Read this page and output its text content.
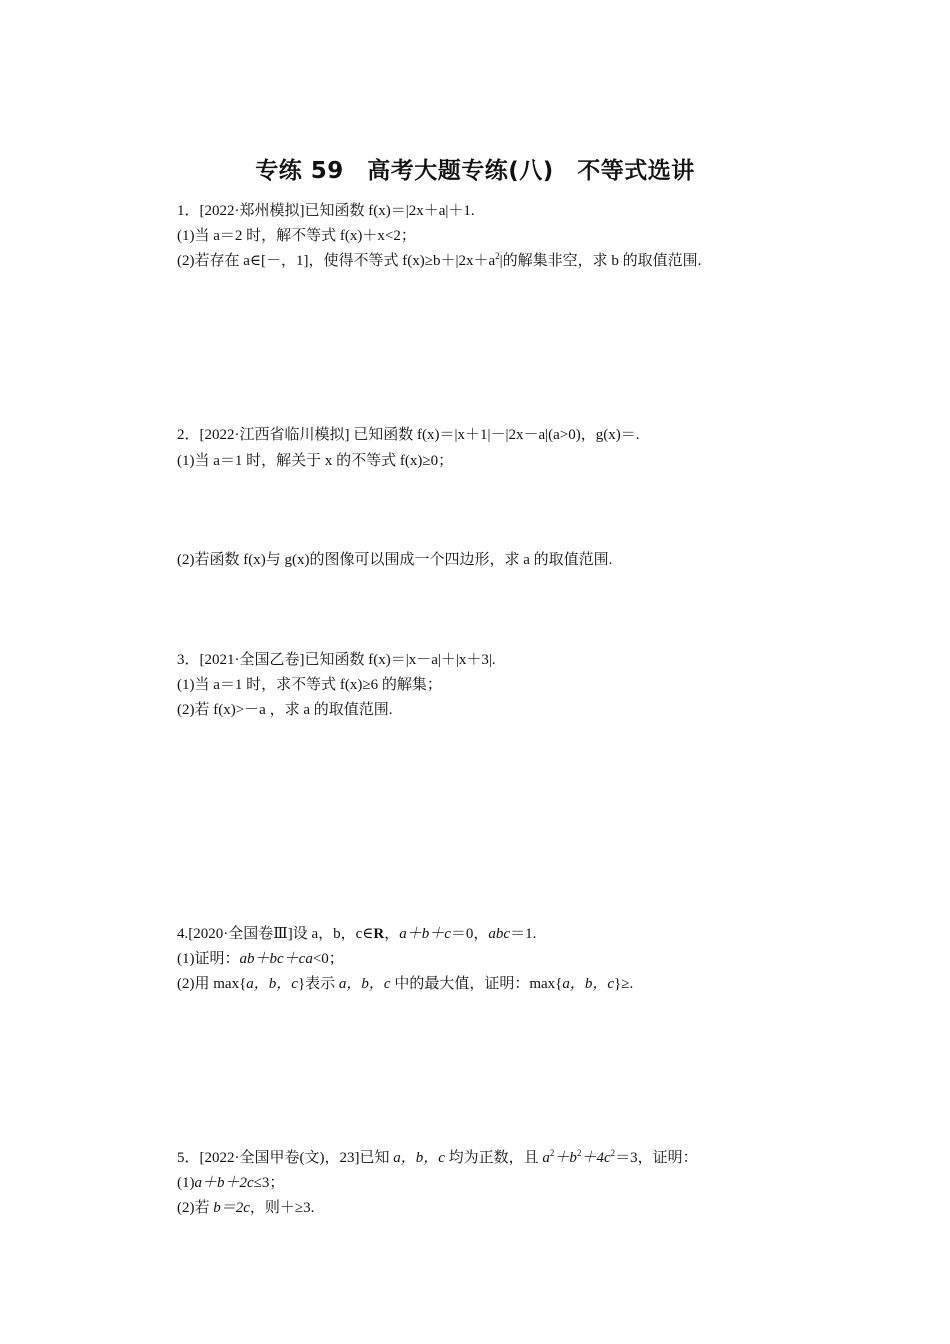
专练 59　高考大题专练(八)　不等式选讲
1．[2022·郑州模拟]已知函数 f(x)＝|2x＋a|＋1.
(1)当 a＝2 时，解不等式 f(x)＋x<2；
(2)若存在 a∈[－，1]，使得不等式 $f(x)\ge b+|2x+a^2|$的解集非空，求 b 的取值范围.
2．[2022·江西省临川模拟] 已知函数 f(x)＝|x＋1|－|2x－a|(a>0)，g(x)＝.
(1)当 a＝1 时，解关于 x 的不等式 f(x)≥0；
(2)若函数 f(x)与 g(x)的图像可以围成一个四边形，求 a 的取值范围.
3．[2021·全国乙卷]已知函数 f(x)＝|x－a|＋|x＋3|.
(1)当 a＝1 时，求不等式 f(x)≥6 的解集；
(2)若 f(x)>－a ，求 a 的取值范围.
4.[2020·全国卷Ⅲ]设 a，b，c∈R，a＋b＋c＝0，abc＝1.
(1)证明：ab＋bc＋ca<0；
(2)用 max{a，b，c}表示 a，b，c 中的最大值，证明：max{a，b，c}≥.
5．[2022·全国甲卷(文)，23]已知 a，b，c 均为正数，且 $a^2+b^2+4c^2=3$，证明：
(1)a＋b＋2c≤3；
(2)若 b＝2c，则＋≥3.
